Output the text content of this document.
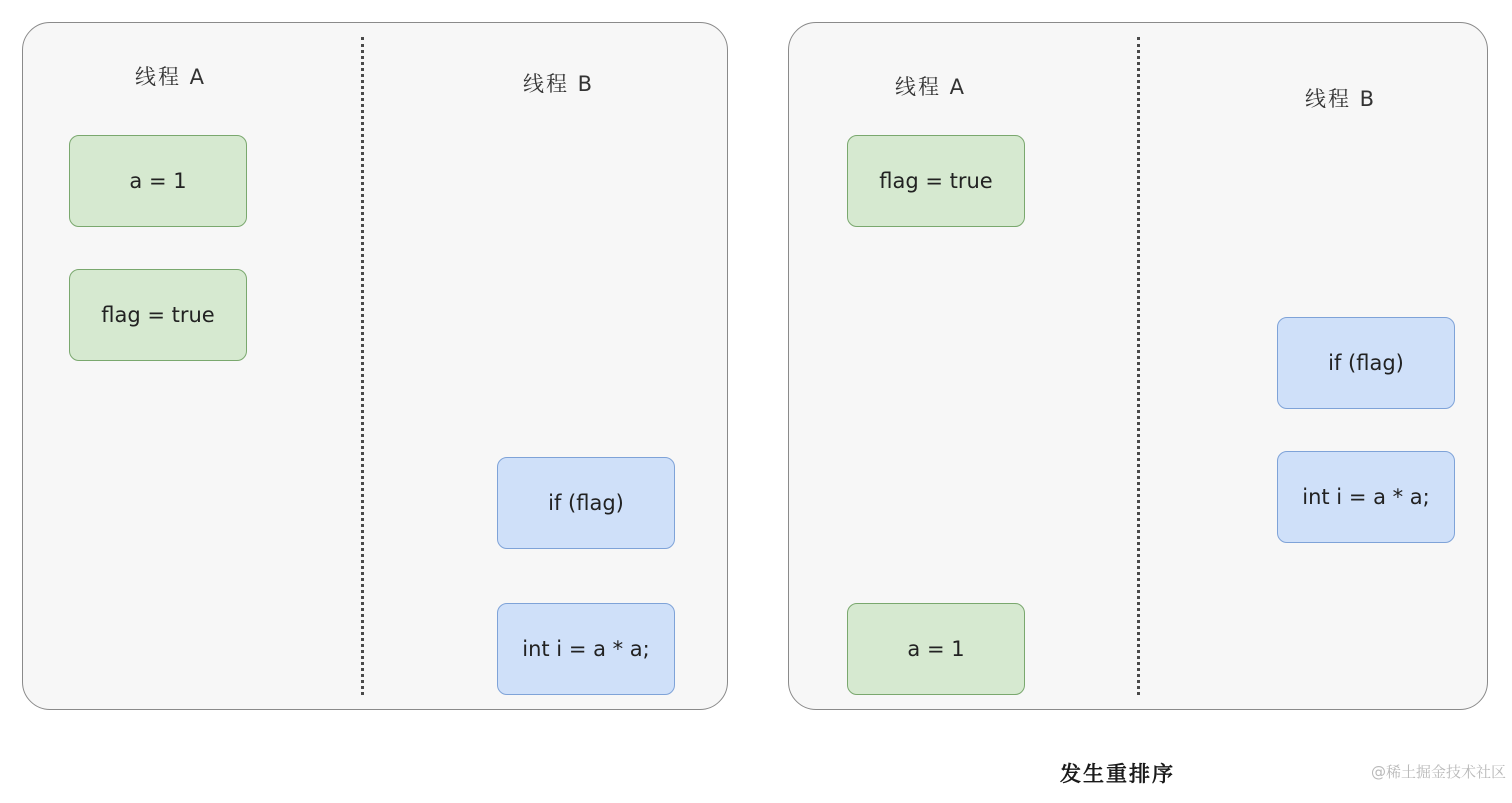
线程 A	线程 B
a = 1
flag = true
if (flag)
int i = a * a;
线程 A	线程 B
flag = true
if (flag)
int i = a * a;
a = 1
发生重排序	@稀土掘金技术社区
